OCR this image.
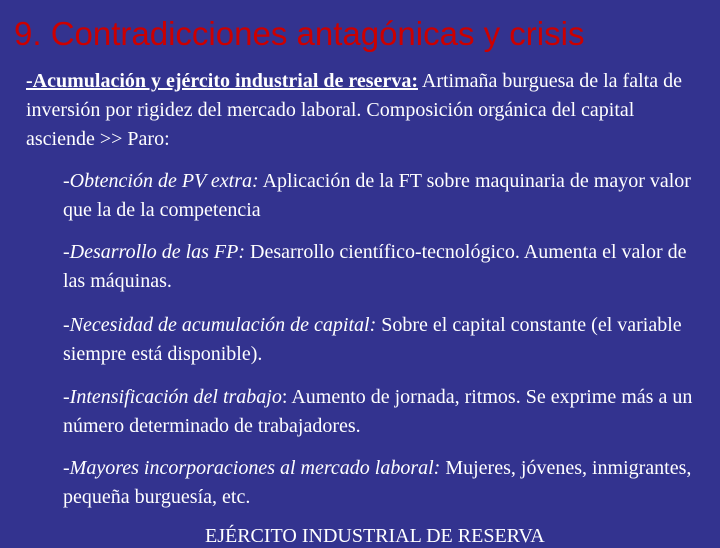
9. Contradicciones antagónicas y crisis

-Acumulación y ejército industrial de reserva: Artimaña burguesa de la falta de inversión por rigidez del mercado laboral. Composición orgánica del capital asciende >> Paro:

-Obtención de PV extra: Aplicación de la FT sobre maquinaria de mayor valor que la de la competencia

-Desarrollo de las FP: Desarrollo científico-tecnológico. Aumenta el valor de las máquinas.

-Necesidad de acumulación de capital: Sobre el capital constante (el variable siempre está disponible).

-Intensificación del trabajo: Aumento de jornada, ritmos. Se exprime más a un número determinado de trabajadores.

-Mayores incorporaciones al mercado laboral: Mujeres, jóvenes, inmigrantes, pequeña burguesía, etc.

EJÉRCITO INDUSTRIAL DE RESERVA
